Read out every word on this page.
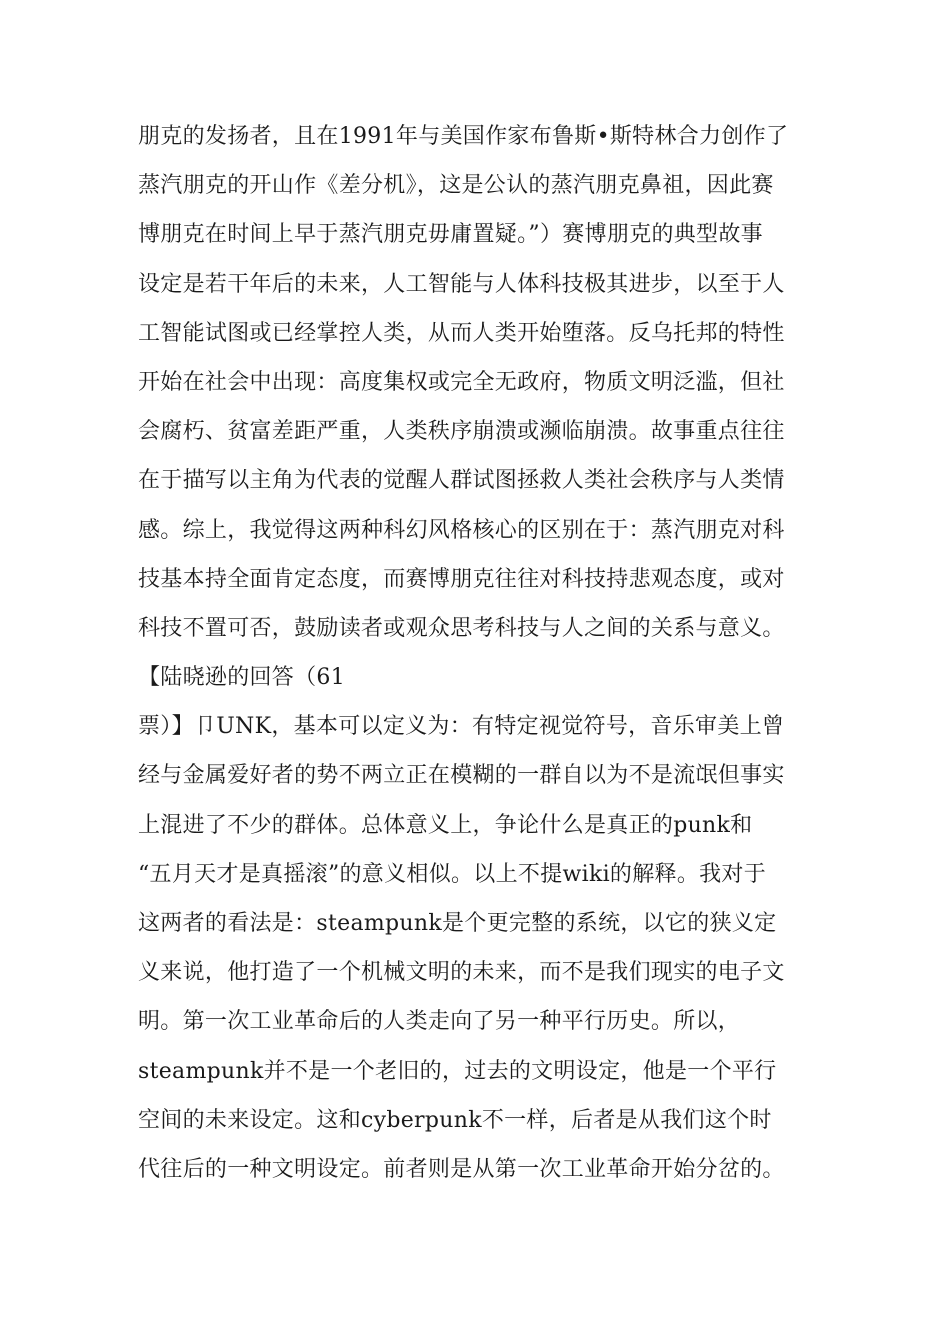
朋克的发扬者，且在1991年与美国作家布鲁斯•斯特林合力创作了
蒸汽朋克的开山作《差分机》，这是公认的蒸汽朋克鼻祖，因此赛
博朋克在时间上早于蒸汽朋克毋庸置疑。”）赛博朋克的典型故事
设定是若干年后的未来，人工智能与人体科技极其进步，以至于人
工智能试图或已经掌控人类，从而人类开始堕落。反乌托邦的特性
开始在社会中出现：高度集权或完全无政府，物质文明泛滥，但社
会腐朽、贫富差距严重，人类秩序崩溃或濒临崩溃。故事重点往往
在于描写以主角为代表的觉醒人群试图拯救人类社会秩序与人类情
感。综上，我觉得这两种科幻风格核心的区别在于：蒸汽朋克对科
技基本持全面肯定态度，而赛博朋克往往对科技持悲观态度，或对
科技不置可否，鼓励读者或观众思考科技与人之间的关系与意义。
【陆晓逊的回答（61
票）】卩UNK，基本可以定义为：有特定视觉符号，音乐审美上曾
经与金属爱好者的势不两立正在模糊的一群自以为不是流氓但事实
上混进了不少的群体。总体意义上，争论什么是真正的punk和
“五月天才是真摇滚”的意义相似。以上不提wiki的解释。我对于
这两者的看法是：steampunk是个更完整的系统，以它的狭义定
义来说，他打造了一个机械文明的未来，而不是我们现实的电子文
明。第一次工业革命后的人类走向了另一种平行历史。所以，
steampunk并不是一个老旧的，过去的文明设定，他是一个平行
空间的未来设定。这和cyberpunk不一样，后者是从我们这个时
代往后的一种文明设定。前者则是从第一次工业革命开始分岔的。
